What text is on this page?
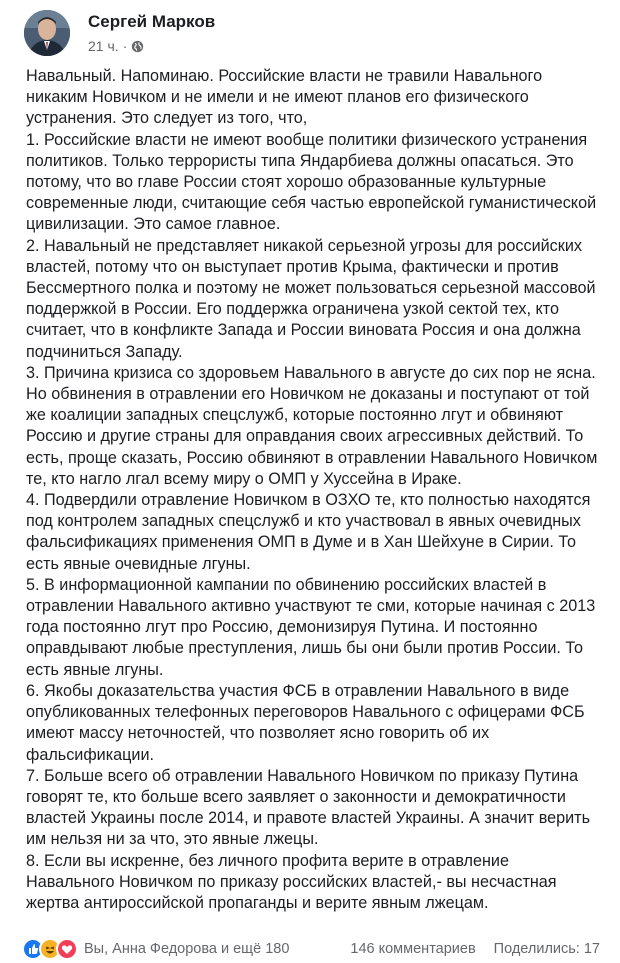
Сергей Марков
21 ч. ·

Навальный. Напоминаю. Российские власти не травили Навального никаким Новичком и не имели и не имеют планов его физического устранения. Это следует из того, что,

1. Российские власти не имеют вообще политики физического устранения политиков. Только террористы типа Яндарбиева должны опасаться. Это потому, что во главе России стоят хорошо образованные культурные современные люди, считающие себя частью европейской гуманистической цивилизации. Это самое главное.

2. Навальный не представляет никакой серьезной угрозы для российских властей, потому что он выступает против Крыма, фактически и против Бессмертного полка и поэтому не может пользоваться серьезной массовой поддержкой в России. Его поддержка ограничена узкой сектой тех, кто считает, что в конфликте Запада и России виновата Россия и она должна подчиниться Западу.

3. Причина кризиса со здоровьем Навального в августе до сих пор не ясна. Но обвинения в отравлении его Новичком не доказаны и поступают от той же коалиции западных спецслужб, которые постоянно лгут и обвиняют Россию и другие страны для оправдания своих агрессивных действий. То есть, проще сказать, Россию обвиняют в отравлении Навального Новичком те, кто нагло лгал всему миру о ОМП у Хуссейна в Ираке.

4. Подвердили отравление Новичком в ОЗХО те, кто полностью находятся под контролем западных спецслужб и кто участвовал в явных очевидных фальсификациях применения ОМП в Думе и в Хан Шейхуне в Сирии. То есть явные очевидные лгуны.

5. В информационной кампании по обвинению российских властей в отравлении Навального активно участвуют те сми, которые начиная с 2013 года постоянно лгут про Россию, демонизируя Путина. И постоянно оправдывают любые преступления, лишь бы они были против России. То есть явные лгуны.

6. Якобы доказательства участия ФСБ в отравлении Навального в виде опубликованных телефонных переговоров Навального с офицерами ФСБ имеют массу неточностей, что позволяет ясно говорить об их фальсификации.

7. Больше всего об отравлении Навального Новичком по приказу Путина говорят те, кто больше всего заявляет о законности и демократичности властей Украины после 2014, и правоте властей Украины. А значит верить им нельзя ни за что, это явные лжецы.

8. Если вы искренне, без личного профита верите в отравление Навального Новичком по приказу российских властей,- вы несчастная жертва антироссийской пропаганды и верите явным лжецам.

Вы, Анна Федорова и ещё 180	146 комментариев Поделились: 17
